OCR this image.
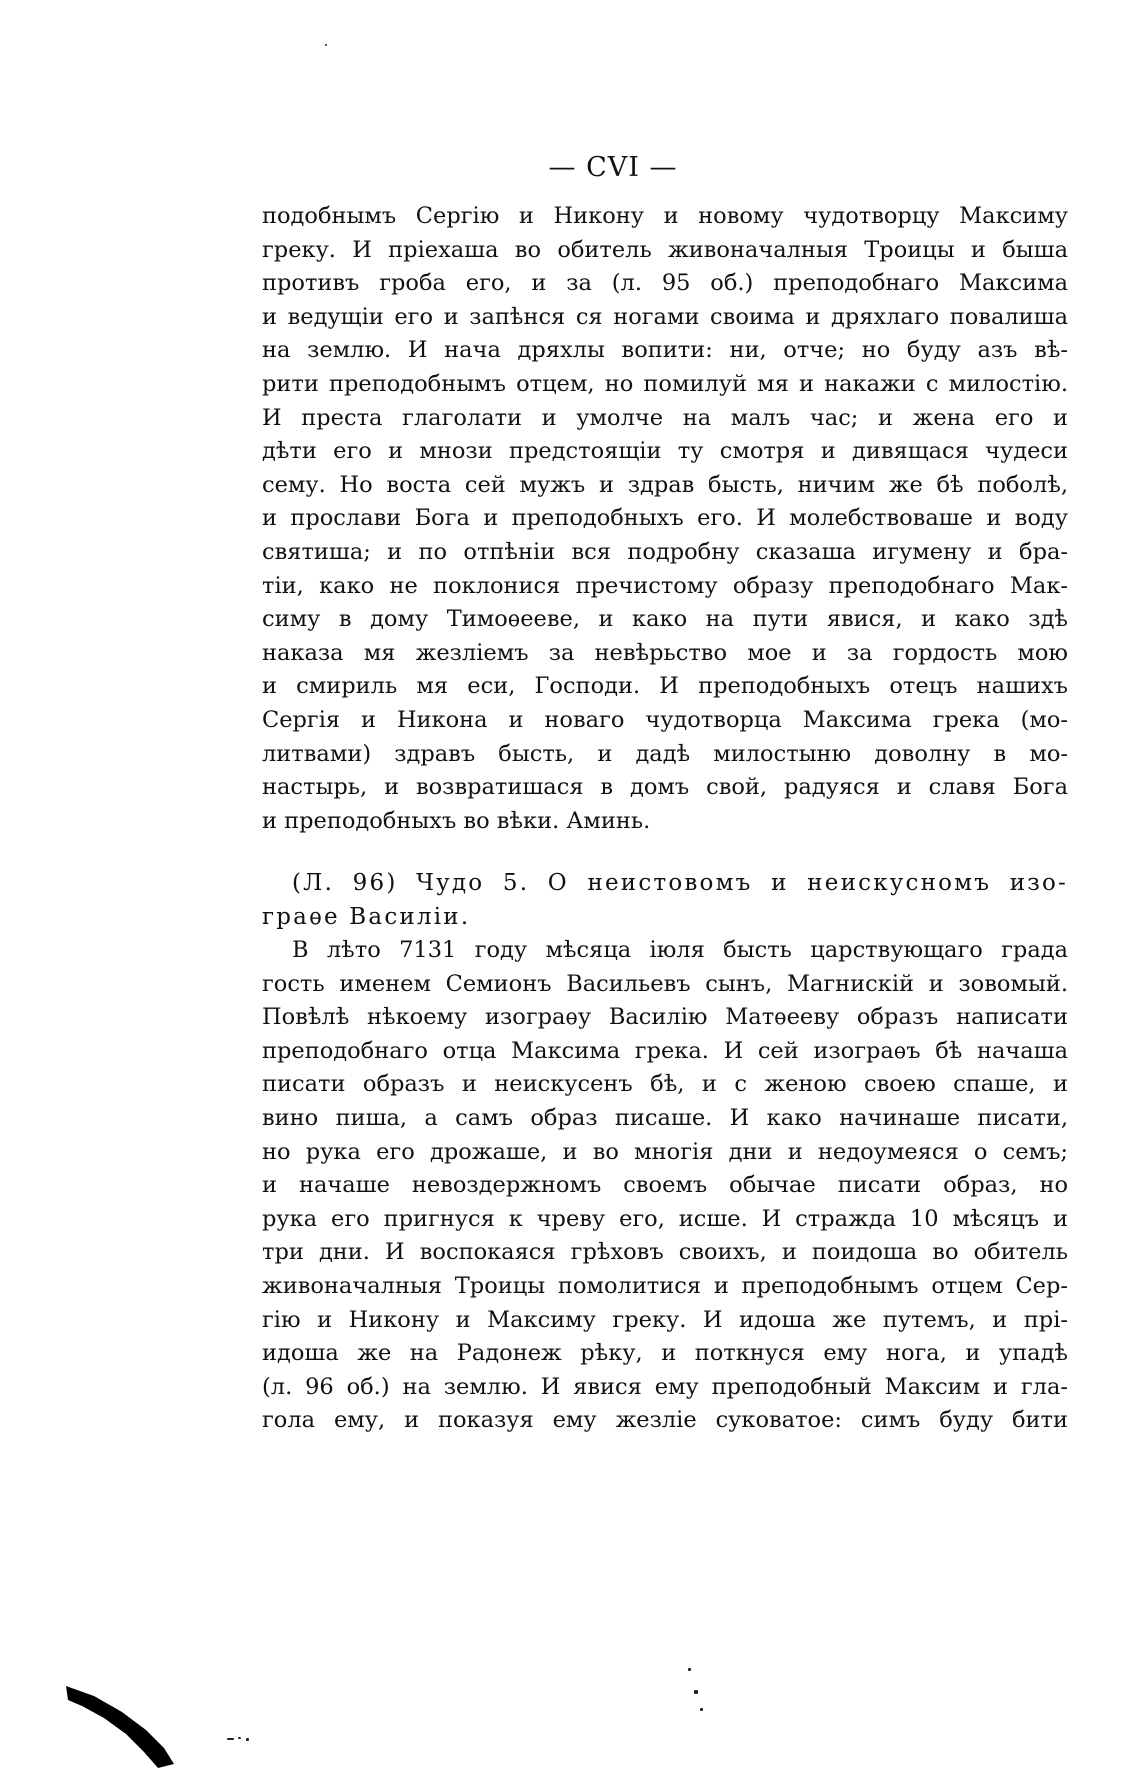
— CVI —
подобнымъ Сергію и Никону и новому чудотворцу Максиму
греку. И пріехаша во обитель живоначалныя Троицы и быша
противъ гроба его, и за (л. 95 об.) преподобнаго Максима
и ведущіи его и запѣнся ся ногами своима и дряхлаго повалиша
на землю. И нача дряхлы вопити: ни, отче; но буду азъ вѣ-
рити преподобнымъ отцем, но помилуй мя и накажи с милостію.
И преста глаголати и умолче на малъ час; и жена его и
дѣти его и мнози предстоящіи ту смотря и дивящася чудеси
сему. Но воста сей мужъ и здрав бысть, ничим же бѣ поболѣ,
и прослави Бога и преподобныхъ его. И молебствоваше и воду
святиша; и по отпѣніи вся подробну сказаша игумену и бра-
тіи, како не поклонися пречистому образу преподобнаго Мак-
симу в дому Тимоѳееве, и како на пути явися, и како здѣ
наказа мя жезліемъ за невѣрьство мое и за гордость мою
и смириль мя еси, Господи. И преподобныхъ отецъ нашихъ
Сергія и Никона и новаго чудотворца Максима грека (мо-
литвами) здравъ бысть, и дадѣ милостыню доволну в мо-
настырь, и возвратишася в домъ свой, радуяся и славя Бога
и преподобныхъ во вѣки. Аминь.
(Л. 96) Чудо 5. О неистовомъ и неискусномъ изо-
граѳе Василіи.
В лѣто 7131 году мѣсяца іюля бысть царствующаго града
гость именем Семионъ Васильевъ сынъ, Магнискій и зовомый.
Повѣлѣ нѣкоему изограѳу Василію Матѳееву образъ написати
преподобнаго отца Максима грека. И сей изограѳъ бѣ начаша
писати образъ и неискусенъ бѣ, и с женою своею спаше, и
вино пиша, а самъ образ писаше. И како начинаше писати,
но рука его дрожаше, и во многія дни и недоумеяся о семъ;
и начаше невоздержномъ своемъ обычае писати образ, но
рука его пригнуся к чреву его, исше. И стражда 10 мѣсяцъ и
три дни. И воспокаяся грѣховъ своихъ, и поидоша во обитель
живоначалныя Троицы помолитися и преподобнымъ отцем Сер-
гію и Никону и Максиму греку. И идоша же путемъ, и прі-
идоша же на Радонеж рѣку, и поткнуся ему нога, и упадѣ
(л. 96 об.) на землю. И явися ему преподобный Максим и гла-
гола ему, и показуя ему жезліе суковатое: симъ буду бити
